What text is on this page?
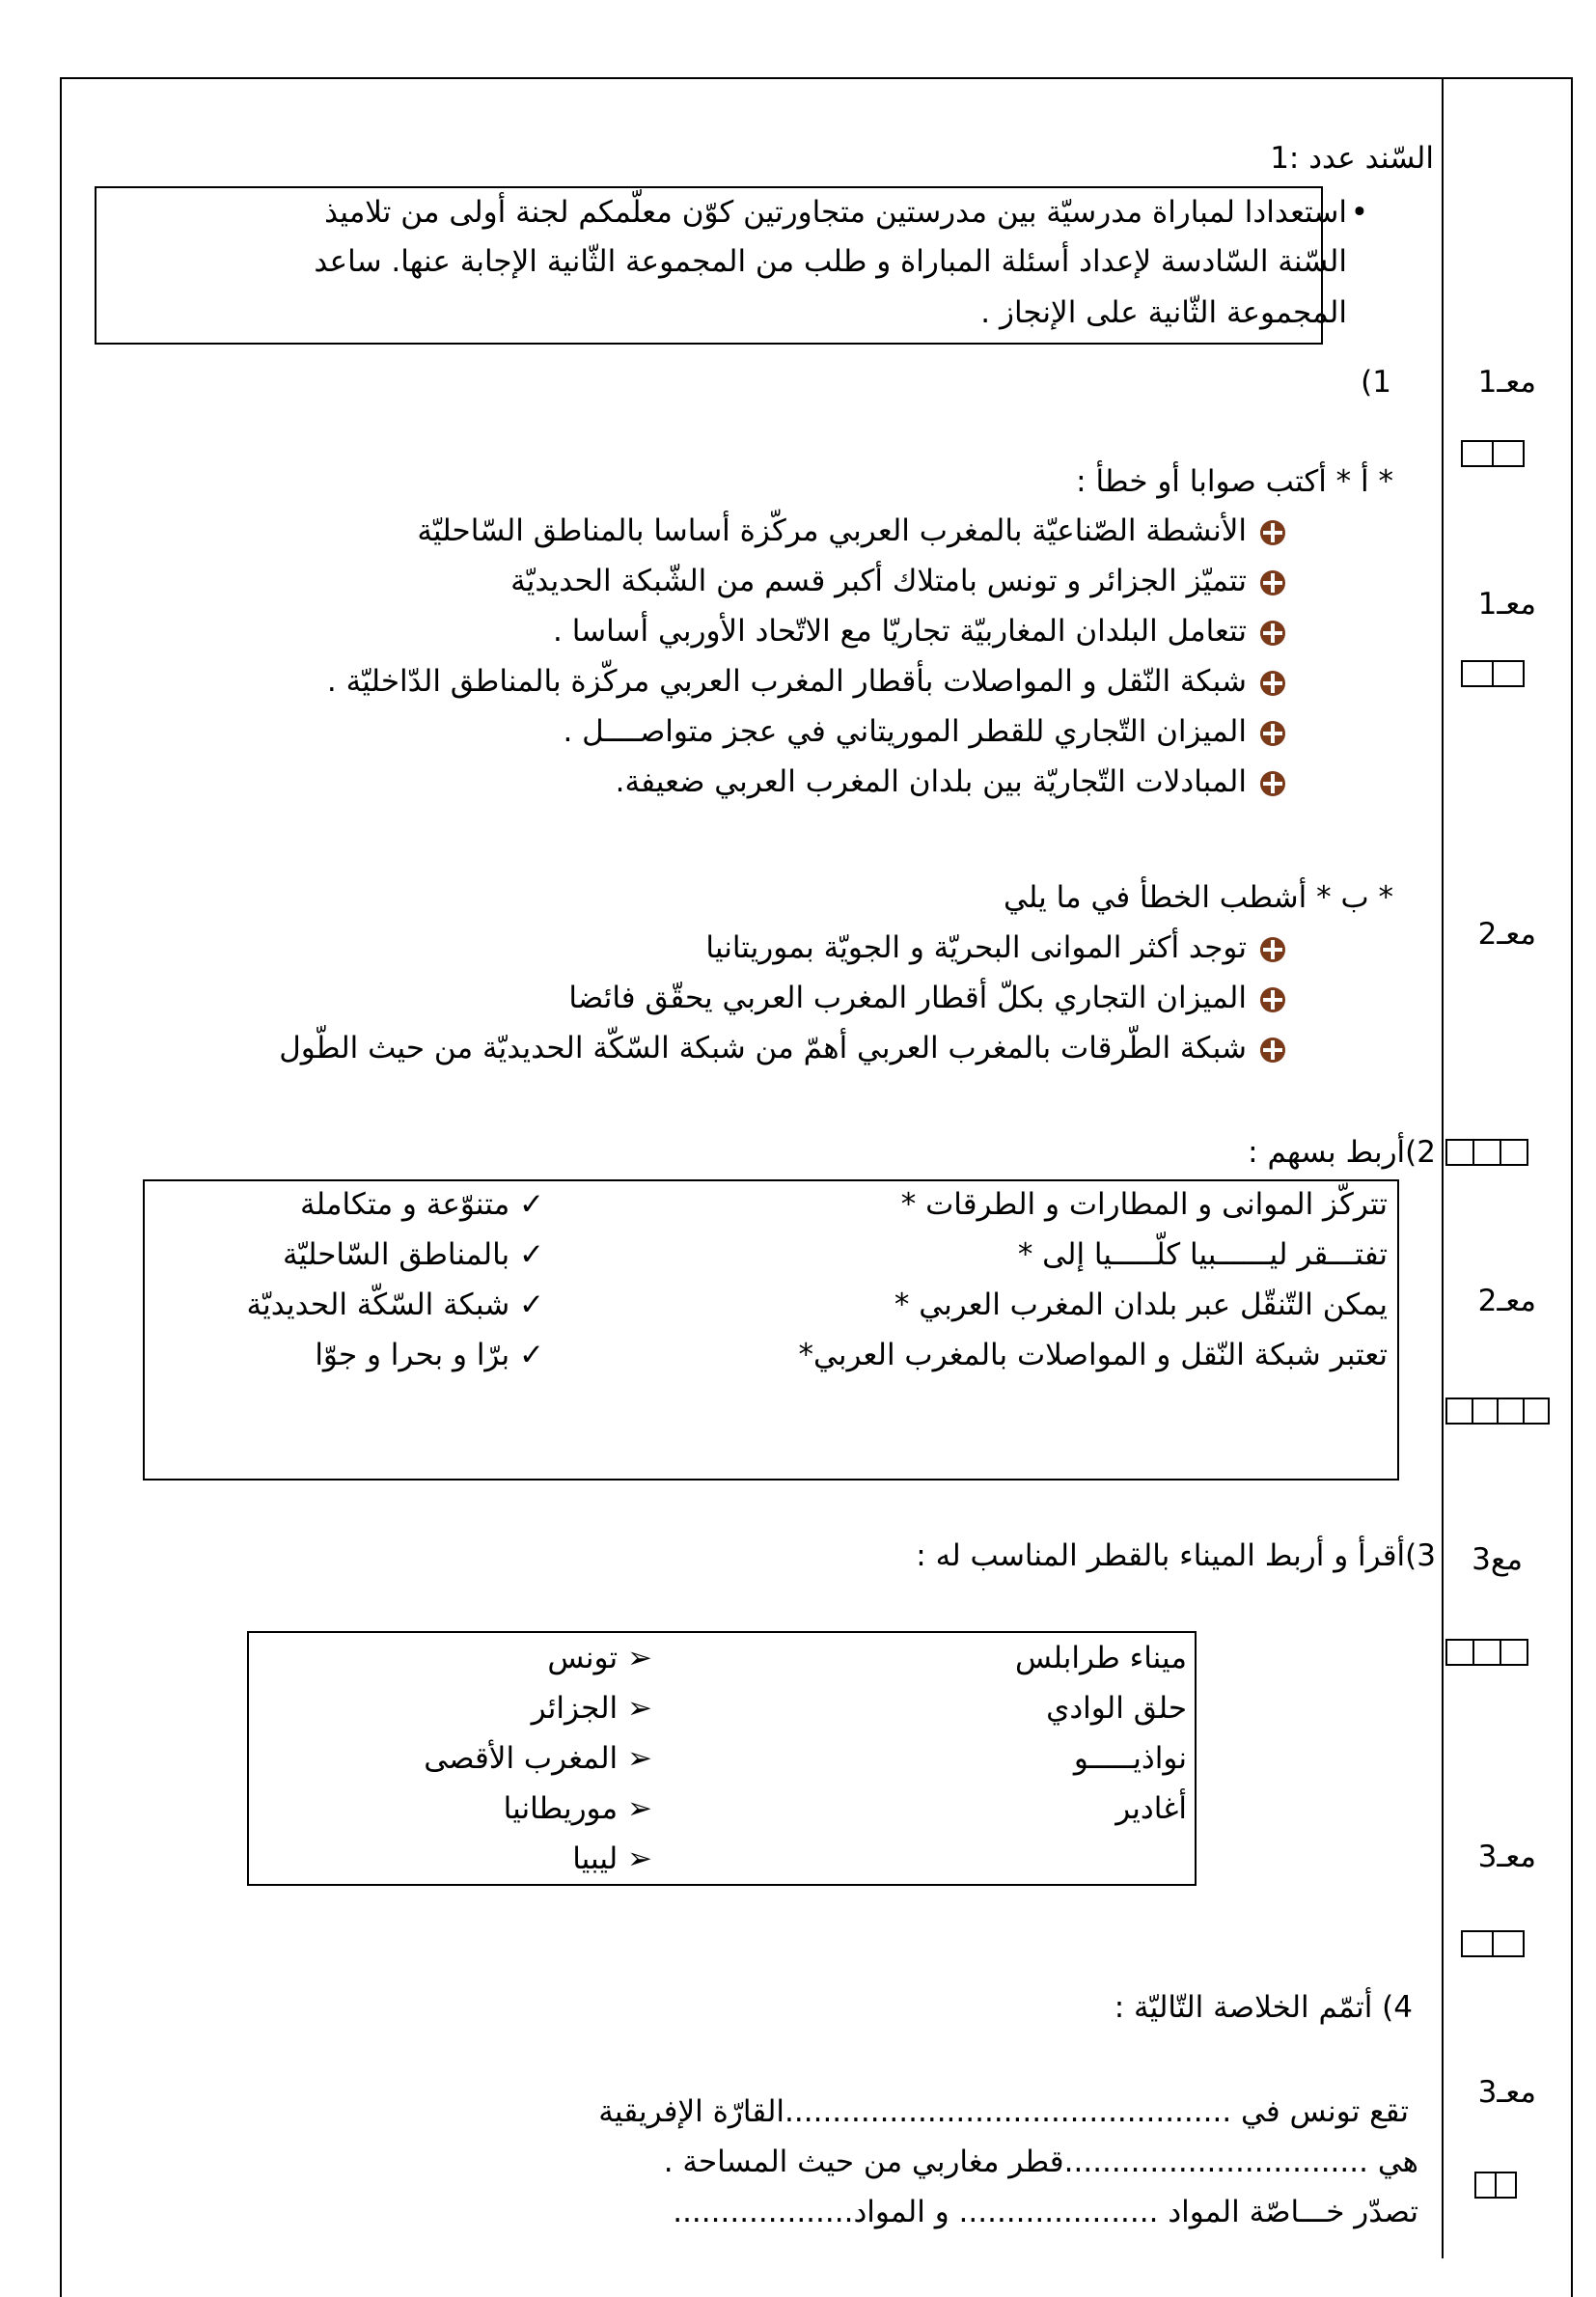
السّند عدد :1
•
استعدادا لمباراة مدرسيّة بين مدرستين متجاورتين كوّن معلّمكم لجنة أولى من تلاميذ
السّنة السّادسة لإعداد أسئلة المباراة و طلب من المجموعة الثّانية الإجابة عنها. ساعد
المجموعة الثّانية على الإنجاز .
1)
* أ * أكتب صوابا أو خطأ :
الأنشطة الصّناعيّة بالمغرب العربي مركّزة أساسا بالمناطق السّاحليّة
تتميّز الجزائر و تونس بامتلاك أكبر قسم من الشّبكة الحديديّة
تتعامل البلدان المغاربيّة تجاريّا مع الاتّحاد الأوربي أساسا .
شبكة النّقل و المواصلات بأقطار المغرب العربي مركّزة بالمناطق الدّاخليّة .
الميزان التّجاري للقطر الموريتاني في عجز متواصــــل .
المبادلات التّجاريّة بين بلدان المغرب العربي ضعيفة.
* ب * أشطب الخطأ في ما يلي
توجد أكثر الموانى البحريّة و الجويّة بموريتانيا
الميزان التجاري بكلّ أقطار المغرب العربي يحقّق فائضا
شبكة الطّرقات بالمغرب العربي أهمّ من شبكة السّكّة الحديديّة من حيث الطّول
2)أربط بسهم :
تتركّز الموانى و المطارات و الطرقات *
تفتـــقر ليــــــبيا كلّـــــيا إلى *
يمكن التّنقّل عبر بلدان المغرب العربي *
تعتبر شبكة النّقل و المواصلات بالمغرب العربي*
✓ متنوّعة و متكاملة
✓ بالمناطق السّاحليّة
✓ شبكة السّكّة الحديديّة
✓ برّا و بحرا و جوّا
3)أقرأ و أربط الميناء بالقطر المناسب له :
ميناء طرابلس
حلق الوادي
نواذيـــــو
أغادير
➢ تونس
➢ الجزائر
➢ المغرب الأقصى
➢ موريطانيا
➢ ليبيا
4) أتمّم الخلاصة التّاليّة :
تقع تونس في ...............................................القارّة الإفريقية
هي ................................قطر مغاربي من حيث المساحة .
تصدّر خـــاصّة المواد ..................... و المواد...................
معـ1
معـ1
معـ2
معـ2
مع3
معـ3
معـ3
